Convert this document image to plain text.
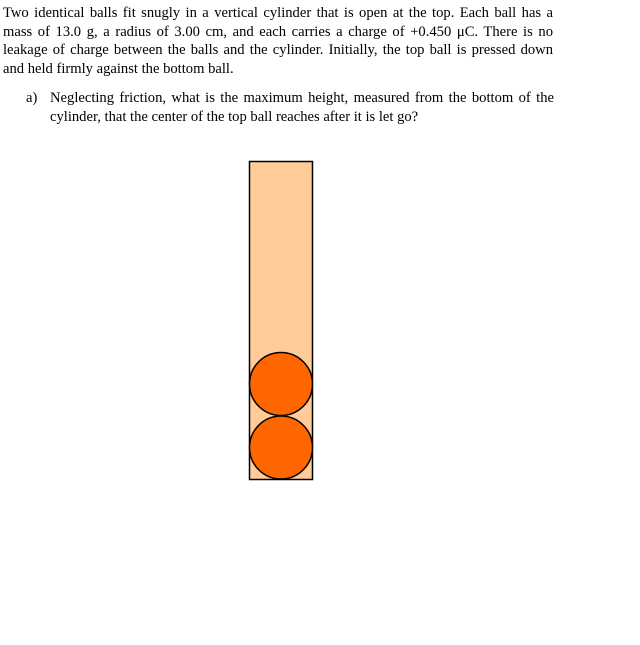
Two identical balls fit snugly in a vertical cylinder that is open at the top. Each ball has a mass of 13.0 g, a radius of 3.00 cm, and each carries a charge of +0.450 μC. There is no leakage of charge between the balls and the cylinder. Initially, the top ball is pressed down and held firmly against the bottom ball.

a) Neglecting friction, what is the maximum height, measured from the bottom of the cylinder, that the center of the top ball reaches after it is let go?
